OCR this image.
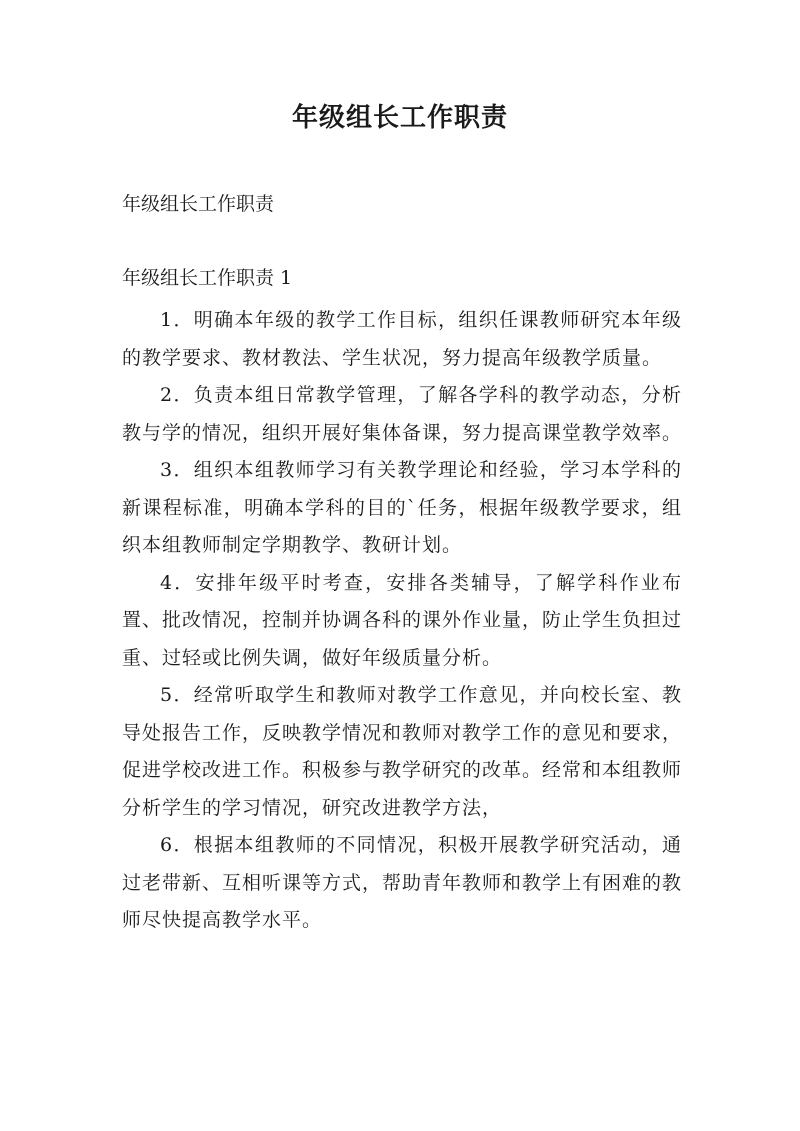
年级组长工作职责

年级组长工作职责

年级组长工作职责 1

1．明确本年级的教学工作目标，组织任课教师研究本年级的教学要求、教材教法、学生状况，努力提高年级教学质量。

2．负责本组日常教学管理，了解各学科的教学动态，分析教与学的情况，组织开展好集体备课，努力提高课堂教学效率。

3．组织本组教师学习有关教学理论和经验，学习本学科的新课程标准，明确本学科的目的`任务，根据年级教学要求，组织本组教师制定学期教学、教研计划。

4．安排年级平时考查，安排各类辅导，了解学科作业布置、批改情况，控制并协调各科的课外作业量，防止学生负担过重、过轻或比例失调，做好年级质量分析。

5．经常听取学生和教师对教学工作意见，并向校长室、教导处报告工作，反映教学情况和教师对教学工作的意见和要求，促进学校改进工作。积极参与教学研究的改革。经常和本组教师分析学生的学习情况，研究改进教学方法，

6．根据本组教师的不同情况，积极开展教学研究活动，通过老带新、互相听课等方式，帮助青年教师和教学上有困难的教师尽快提高教学水平。
